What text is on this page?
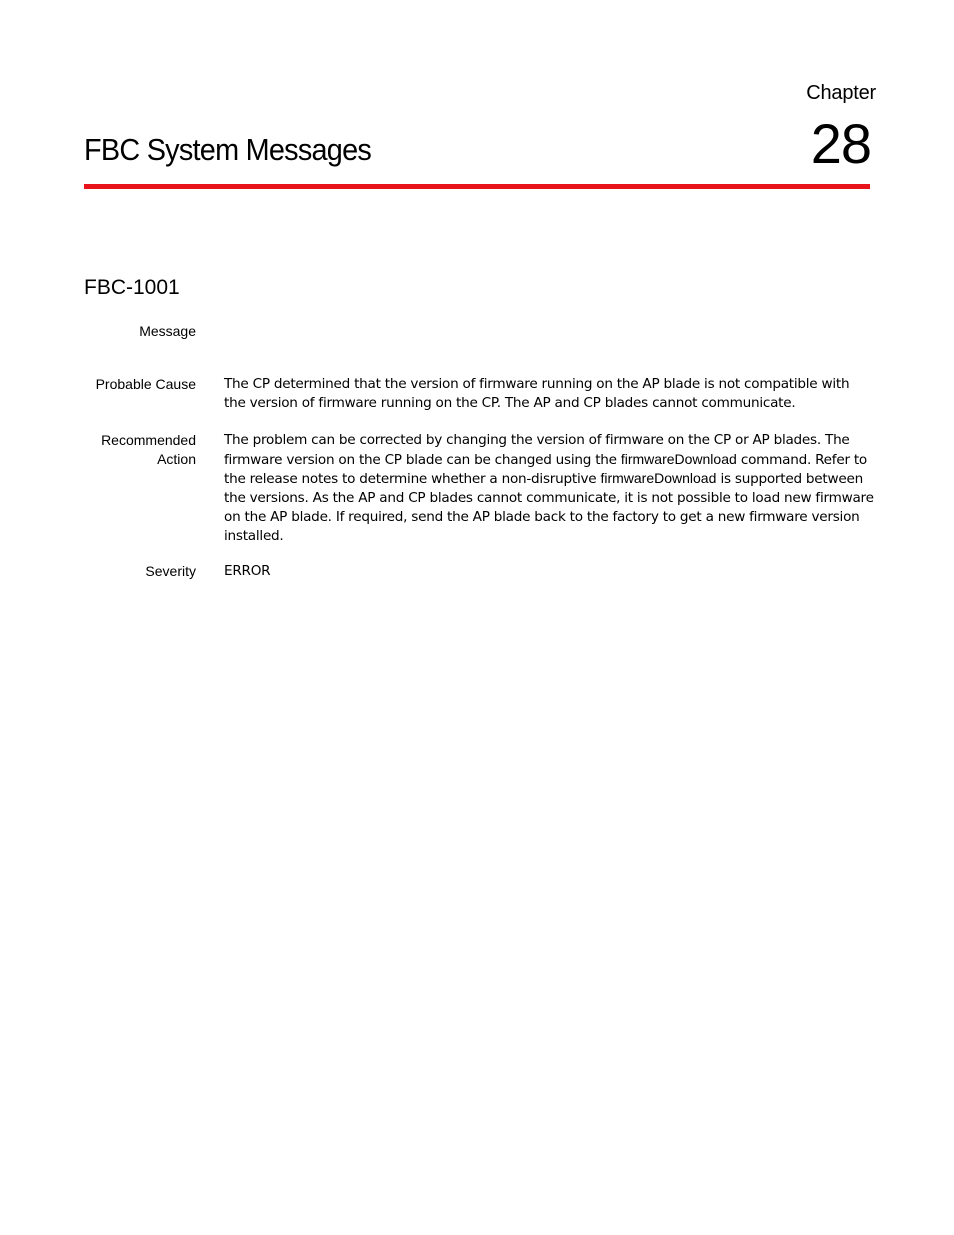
Chapter
28
FBC System Messages
FBC-1001
Message
Probable Cause The CP determined that the version of firmware running on the AP blade is not compatible with the version of firmware running on the CP. The AP and CP blades cannot communicate.
Recommended
Action
The problem can be corrected by changing the version of firmware on the CP or AP blades. The firmware version on the CP blade can be changed using the firmwareDownload command. Refer to the release notes to determine whether a non-disruptive firmwareDownload is supported between the versions. As the AP and CP blades cannot communicate, it is not possible to load new firmware on the AP blade. If required, send the AP blade back to the factory to get a new firmware version installed.
Severity ERROR
